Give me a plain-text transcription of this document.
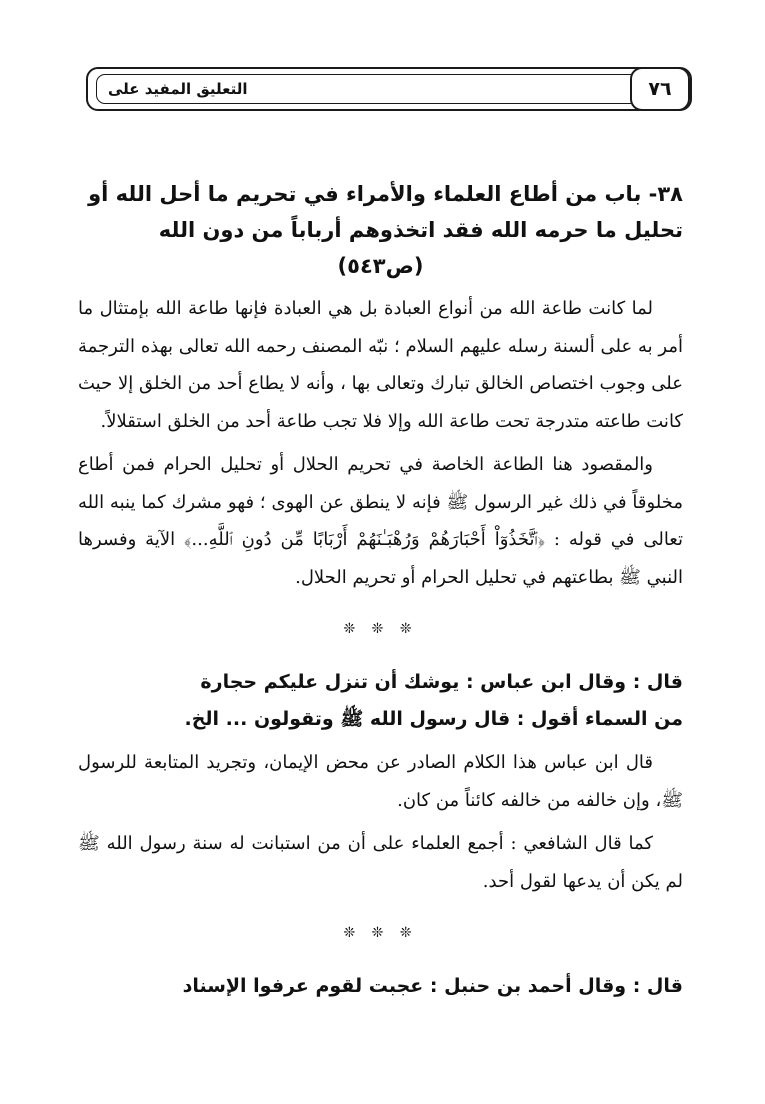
٧٦
التعليق المفيد على
٣٨- باب من أطاع العلماء والأمراء في تحريم ما أحل الله أو
تحليل ما حرمه الله فقد اتخذوهم أرباباً من دون الله
(ص٥٤٣)

لما كانت طاعة الله من أنواع العبادة بل هي العبادة فإنها طاعة الله بإمتثال ما أمر به على ألسنة رسله عليهم السلام ؛ نبّه المصنف رحمه الله تعالى بهذه الترجمة على وجوب اختصاص الخالق تبارك وتعالى بها ، وأنه لا يطاع أحد من الخلق إلا حيث كانت طاعته متدرجة تحت طاعة الله وإلا فلا تجب طاعة أحد من الخلق استقلالاً.

والمقصود هنا الطاعة الخاصة في تحريم الحلال أو تحليل الحرام فمن أطاع مخلوقاً في ذلك غير الرسول ﷺ فإنه لا ينطق عن الهوى ؛ فهو مشرك كما ينبه الله تعالى في قوله : ﴿ٱتَّخَذُوٓاْ أَحْبَارَهُمْ وَرُهْبَـٰنَهُمْ أَرْبَابًا مِّن دُونِ ٱللَّهِ...﴾ الآية وفسرها النبي ﷺ بطاعتهم في تحليل الحرام أو تحريم الحلال.

❊ ❊ ❊
قال : وقال ابن عباس : يوشك أن تنزل عليكم حجارة
من السماء أقول : قال رسول الله ﷺ وتقولون ... الخ.

قال ابن عباس هذا الكلام الصادر عن محض الإيمان، وتجريد المتابعة للرسول ﷺ، وإن خالفه من خالفه كائناً من كان.

كما قال الشافعي : أجمع العلماء على أن من استبانت له سنة رسول الله ﷺ لم يكن أن يدعها لقول أحد.

❊ ❊ ❊
قال : وقال أحمد بن حنبل : عجبت لقوم عرفوا الإسناد
